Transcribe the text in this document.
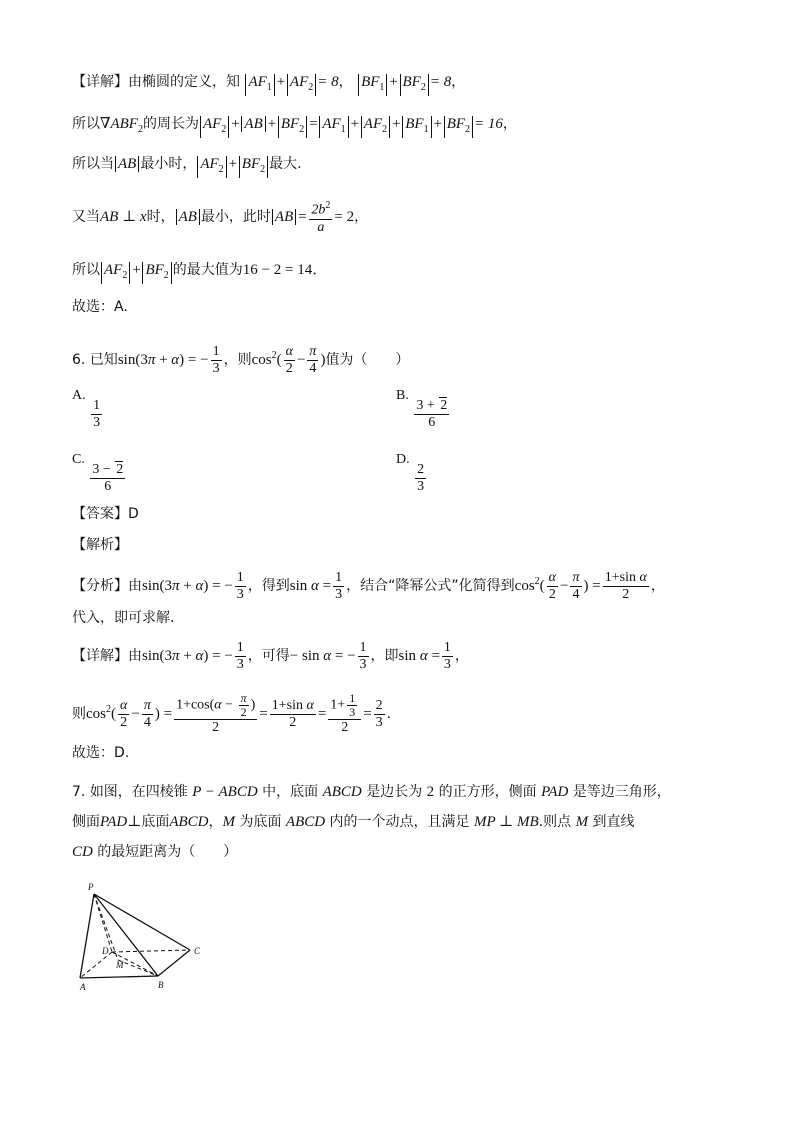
【详解】由椭圆的定义，知 $AF_1 + AF_2 = 8$， $BF_1 + BF_2 = 8$，
所以$\nabla ABF_2$的周长为 $AF_2$ + AB + $BF_2 = AF_1 + AF_2 + BF_1 + BF_2 = 16$，
所以当 AB 最小时， $AF_2 + BF_2$ 最大.
又当AB ⊥ x时， AB 最小，此时 AB = $\frac{2b^2}{a} = 2$，
所以 $AF_2 + BF_2$ 的最大值为16 − 2 = 14．
故选：A.
6. 已知sin(3π + α) = − $\frac{1}{3}$ ，则$\cos^2( \frac{\alpha}{2} - \frac{\pi}{4}$ )值为（　　）
A.
$\frac{1}{3}$
B.
$\frac{3 + 2}{6}$
C.
$\frac{3 - 2}{6}$
D.
$\frac{2}{3}$
【答案】D
【解析】
【分析】由sin(3π + α) = − $\frac{1}{3}$ ，得到$\sin \alpha = \frac{1}{3}$ ，结合“降幂公式”化简得到$\cos^2( \frac{\alpha}{2} - \frac{\pi}{4}$ ) = $\frac{\text{1+sin α}}{2}$ ，
代入，即可求解.
【详解】由sin(3π + α) = − $\frac{1}{3}$ ，可得− sin α = − $\frac{1}{3}$ ，即$\sin \alpha = \frac{1}{3}$ ，
则$\cos^2( \frac{\alpha}{2} - \frac{\pi}{4}$ ) = $\frac{1+\cos(\alpha - \frac{\pi}{2} )}{2} = \frac{\text{1+sin α}}{2} = \frac{1+ \frac{1}{3}}{2} = \frac{2}{3}$ .
故选：D.
7. 如图，在四棱锥 P − ABCD 中，底面 ABCD 是边长为 2 的正方形，侧面 PAD 是等边三角形，
侧面PAD⊥底面ABCD，M 为底面 ABCD 内的一个动点，且满足 MP ⊥ MB.则点 M 到直线
CD 的最短距离为（　　）
P
D
M
C
A	B
